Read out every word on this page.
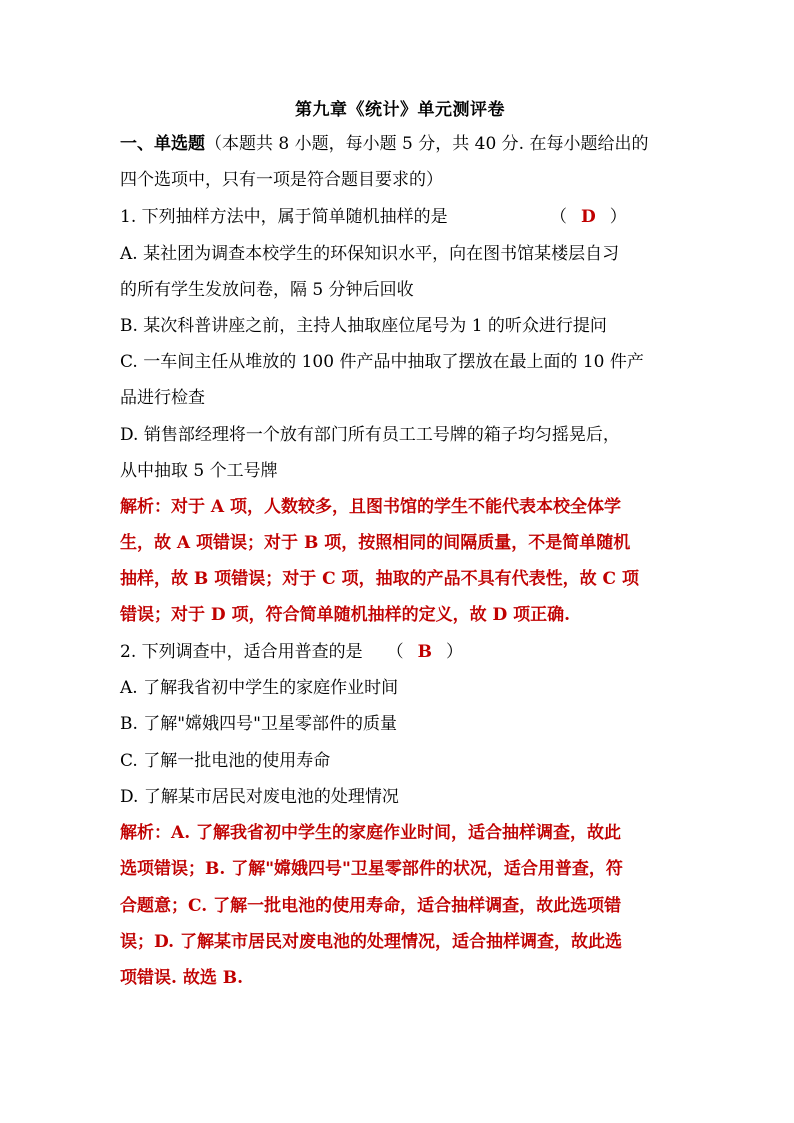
第九章《统计》单元测评卷
一、单选题（本题共 8 小题，每小题 5 分，共 40 分. 在每小题给出的
四个选项中，只有一项是符合题目要求的）
1. 下列抽样方法中，属于简单随机抽样的是	（ D ）
A. 某社团为调查本校学生的环保知识水平，向在图书馆某楼层自习
的所有学生发放问卷，隔 5 分钟后回收
B. 某次科普讲座之前，主持人抽取座位尾号为 1 的听众进行提问
C. 一车间主任从堆放的 100 件产品中抽取了摆放在最上面的 10 件产
品进行检查
D. 销售部经理将一个放有部门所有员工工号牌的箱子均匀摇晃后，
从中抽取 5 个工号牌
解析：对于 A 项，人数较多，且图书馆的学生不能代表本校全体学
生，故 A 项错误；对于 B 项，按照相同的间隔质量，不是简单随机
抽样，故 B 项错误；对于 C 项，抽取的产品不具有代表性，故 C 项
错误；对于 D 项，符合简单随机抽样的定义，故 D 项正确.
2. 下列调查中，适合用普查的是 （ B ）
A. 了解我省初中学生的家庭作业时间
B. 了解"嫦娥四号"卫星零部件的质量
C. 了解一批电池的使用寿命
D. 了解某市居民对废电池的处理情况
解析：A. 了解我省初中学生的家庭作业时间，适合抽样调查，故此
选项错误；B. 了解"嫦娥四号"卫星零部件的状况，适合用普查，符
合题意；C. 了解一批电池的使用寿命，适合抽样调查，故此选项错
误；D. 了解某市居民对废电池的处理情况，适合抽样调查，故此选
项错误. 故选 B.
